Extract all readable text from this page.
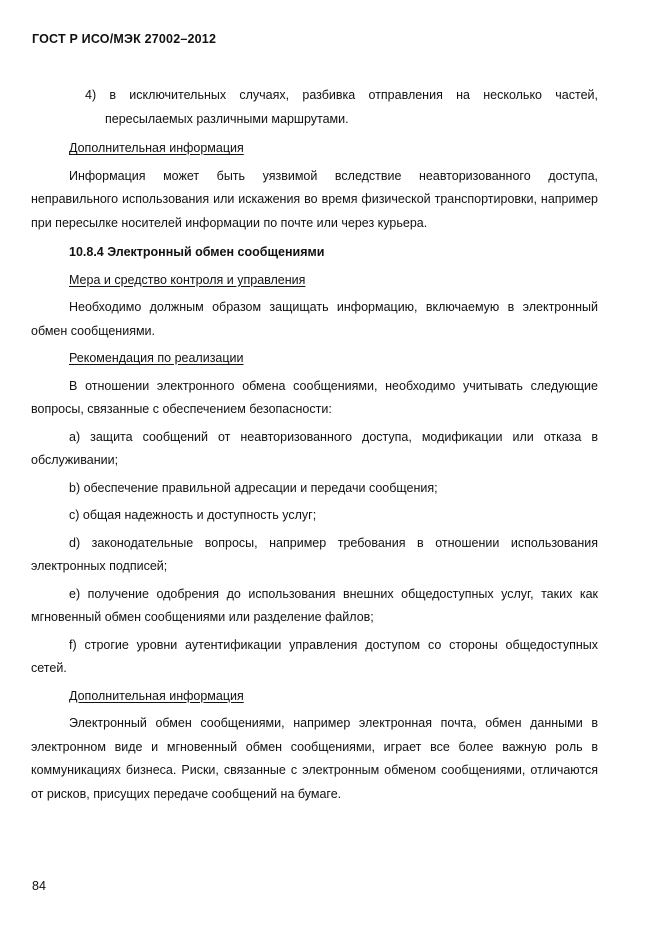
ГОСТ Р ИСО/МЭК 27002–2012

4) в исключительных случаях, разбивка отправления на несколько частей, пересылаемых различными маршрутами.

Дополнительная информация

Информация может быть уязвимой вследствие неавторизованного доступа, неправильного использования или искажения во время физической транспортировки, например при пересылке носителей информации по почте или через курьера.

10.8.4 Электронный обмен сообщениями

Мера и средство контроля и управления

Необходимо должным образом защищать информацию, включаемую в электронный обмен сообщениями.

Рекомендация по реализации

В отношении электронного обмена сообщениями, необходимо учитывать следующие вопросы, связанные с обеспечением безопасности:

a) защита сообщений от неавторизованного доступа, модификации или отказа в обслуживании;

b) обеспечение правильной адресации и передачи сообщения;

c) общая надежность и доступность услуг;

d) законодательные вопросы, например требования в отношении использования электронных подписей;

e) получение одобрения до использования внешних общедоступных услуг, таких как мгновенный обмен сообщениями или разделение файлов;

f) строгие уровни аутентификации управления доступом со стороны общедоступных сетей.

Дополнительная информация

Электронный обмен сообщениями, например электронная почта, обмен данными в электронном виде и мгновенный обмен сообщениями, играет все более важную роль в коммуникациях бизнеса. Риски, связанные с электронным обменом сообщениями, отличаются от рисков, присущих передаче сообщений на бумаге.

84
